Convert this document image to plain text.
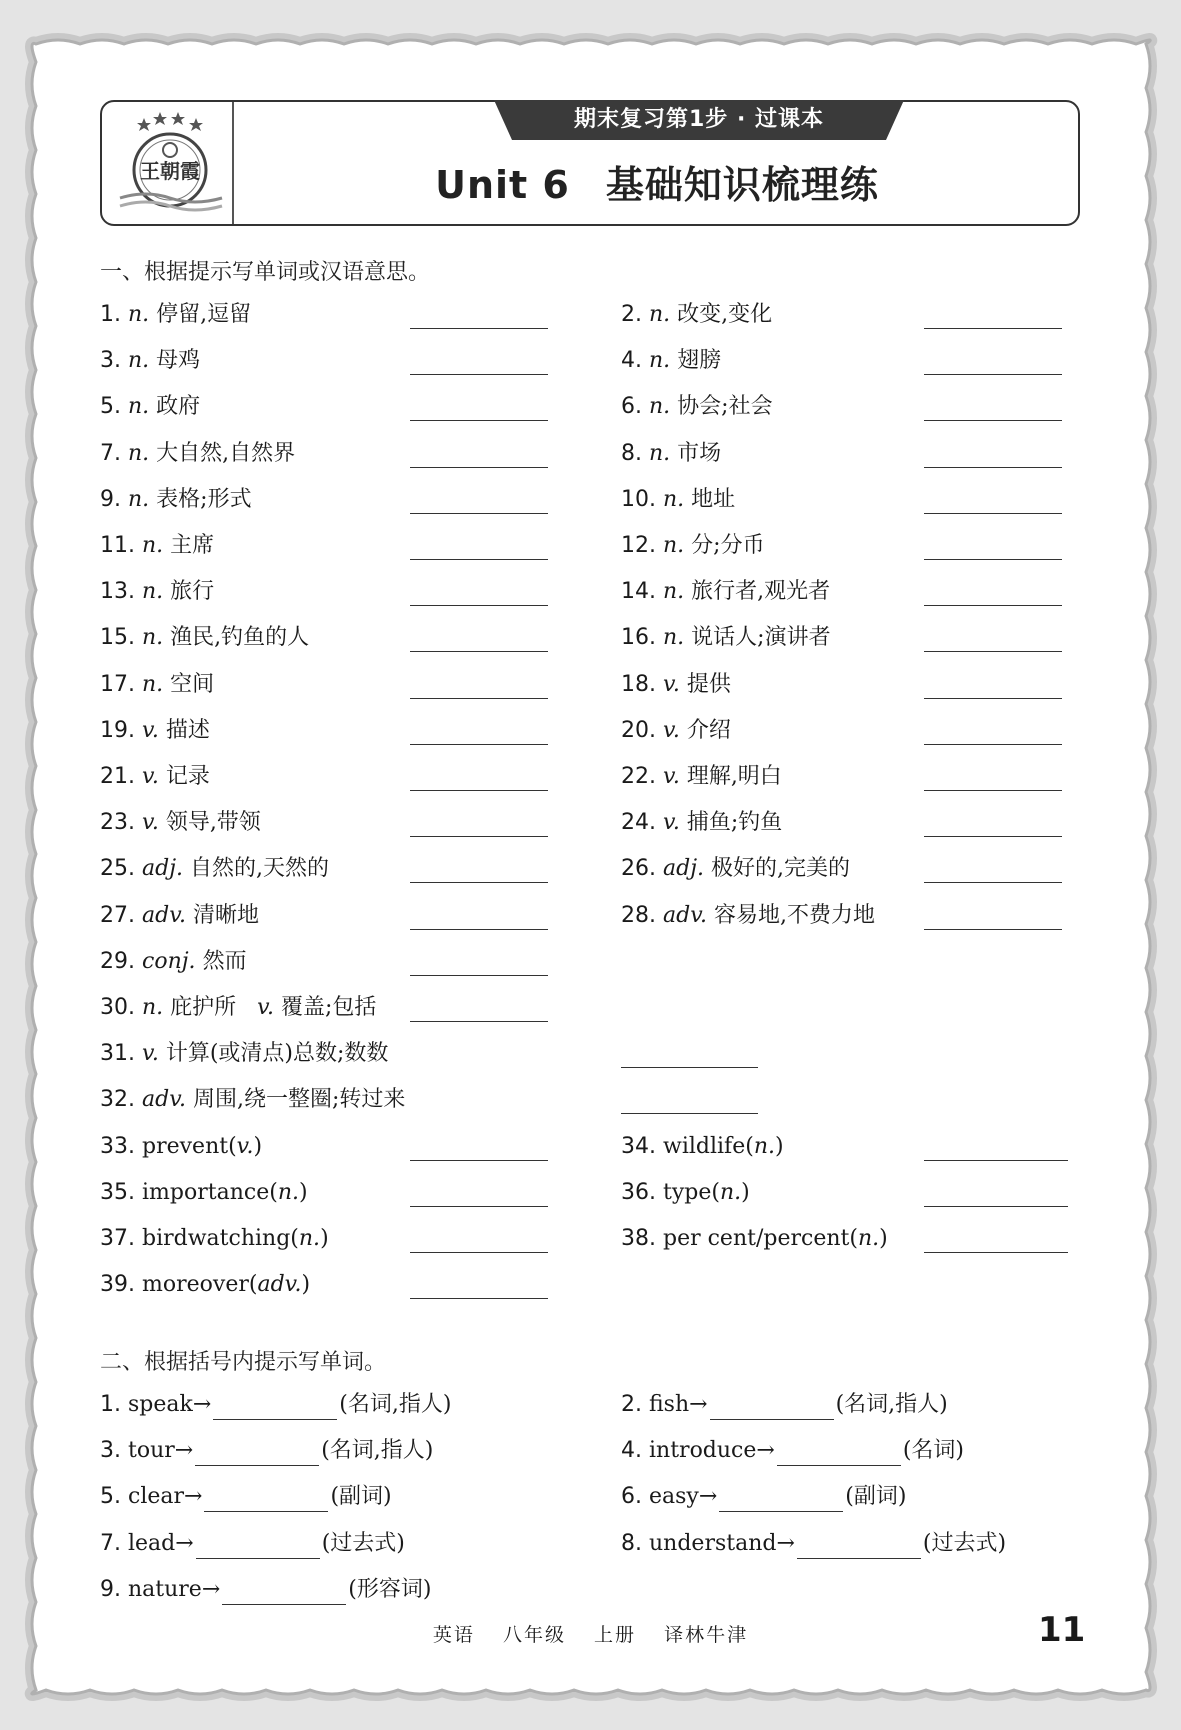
王朝霞
期末复习第1步 · 过课本
Unit 6 基础知识梳理练
一、根据提示写单词或汉语意思。
1. n. 停留,逗留	2. n. 改变,变化
3. n. 母鸡	4. n. 翅膀
5. n. 政府	6. n. 协会;社会
7. n. 大自然,自然界	8. n. 市场
9. n. 表格;形式	10. n. 地址
11. n. 主席	12. n. 分;分币
13. n. 旅行	14. n. 旅行者,观光者
15. n. 渔民,钓鱼的人	16. n. 说话人;演讲者
17. n. 空间	18. v. 提供
19. v. 描述	20. v. 介绍
21. v. 记录	22. v. 理解,明白
23. v. 领导,带领	24. v. 捕鱼;钓鱼
25. adj. 自然的,天然的	26. adj. 极好的,完美的
27. adv. 清晰地	28. adv. 容易地,不费力地
29. conj. 然而
30. n. 庇护所 v. 覆盖;包括
31. v. 计算(或清点)总数;数数
32. adv. 周围,绕一整圈;转过来
33. prevent(v.)	34. wildlife(n.)
35. importance(n.)	36. type(n.)
37. birdwatching(n.)	38. per cent/percent(n.)
39. moreover(adv.)
二、根据括号内提示写单词。
1. speak→	(名词,指人)	2. fish→	(名词,指人)
3. tour→	(名词,指人)	4. introduce→	(名词)
5. clear→	(副词)	6. easy→	(副词)
7. lead→	(过去式)	8. understand→	(过去式)
9. nature→	(形容词)
英语 八年级 上册 译林牛津	11
